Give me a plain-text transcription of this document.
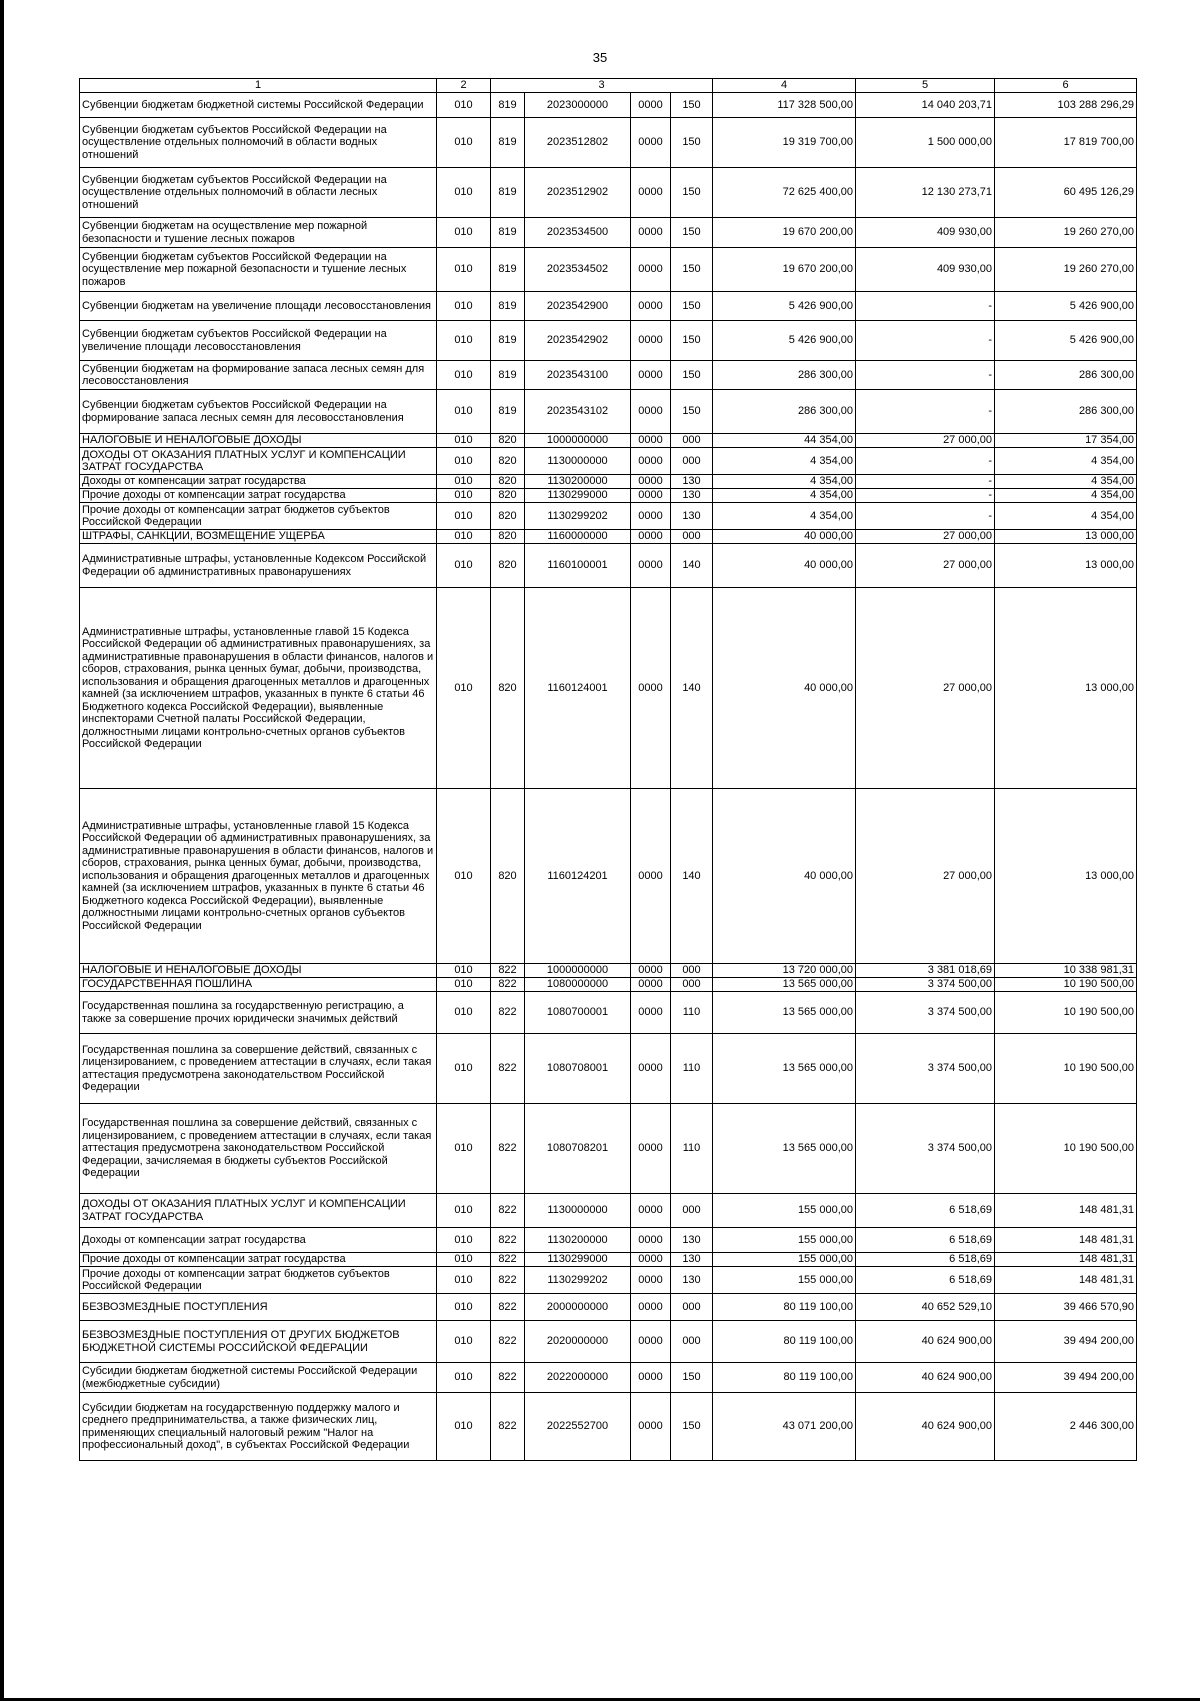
35
1	2	3				4	5	6
Субвенции бюджетам бюджетной системы Российской Федерации	010	819	2023000000	0000	150	117 328 500,00	14 040 203,71	103 288 296,29
Субвенции бюджетам субъектов Российской Федерации на осуществление отдельных полномочий в области водных отношений	010	819	2023512802	0000	150	19 319 700,00	1 500 000,00	17 819 700,00
Субвенции бюджетам субъектов Российской Федерации на осуществление отдельных полномочий в области лесных отношений	010	819	2023512902	0000	150	72 625 400,00	12 130 273,71	60 495 126,29
Субвенции бюджетам на осуществление мер пожарной безопасности и тушение лесных пожаров	010	819	2023534500	0000	150	19 670 200,00	409 930,00	19 260 270,00
Субвенции бюджетам субъектов Российской Федерации на осуществление мер пожарной безопасности и тушение лесных пожаров	010	819	2023534502	0000	150	19 670 200,00	409 930,00	19 260 270,00
Субвенции бюджетам на увеличение площади лесовосстановления	010	819	2023542900	0000	150	5 426 900,00	-	5 426 900,00
Субвенции бюджетам субъектов Российской Федерации на увеличение площади лесовосстановления	010	819	2023542902	0000	150	5 426 900,00	-	5 426 900,00
Субвенции бюджетам на формирование запаса лесных семян для лесовосстановления	010	819	2023543100	0000	150	286 300,00	-	286 300,00
Субвенции бюджетам субъектов Российской Федерации на формирование запаса лесных семян для лесовосстановления	010	819	2023543102	0000	150	286 300,00	-	286 300,00
НАЛОГОВЫЕ И НЕНАЛОГОВЫЕ ДОХОДЫ	010	820	1000000000	0000	000	44 354,00	27 000,00	17 354,00
ДОХОДЫ ОТ ОКАЗАНИЯ ПЛАТНЫХ УСЛУГ И КОМПЕНСАЦИИ ЗАТРАТ ГОСУДАРСТВА	010	820	1130000000	0000	000	4 354,00	-	4 354,00
Доходы от компенсации затрат государства	010	820	1130200000	0000	130	4 354,00	-	4 354,00
Прочие доходы от компенсации затрат государства	010	820	1130299000	0000	130	4 354,00	-	4 354,00
Прочие доходы от компенсации затрат бюджетов субъектов Российской Федерации	010	820	1130299202	0000	130	4 354,00	-	4 354,00
ШТРАФЫ, САНКЦИИ, ВОЗМЕЩЕНИЕ УЩЕРБА	010	820	1160000000	0000	000	40 000,00	27 000,00	13 000,00
Административные штрафы, установленные Кодексом Российской Федерации об административных правонарушениях	010	820	1160100001	0000	140	40 000,00	27 000,00	13 000,00
Административные штрафы, установленные главой 15 Кодекса Российской Федерации об административных правонарушениях, за административные правонарушения в области финансов, налогов и сборов, страхования, рынка ценных бумаг, добычи, производства, использования и обращения драгоценных металлов и драгоценных камней (за исключением штрафов, указанных в пункте 6 статьи 46 Бюджетного кодекса Российской Федерации), выявленные инспекторами Счетной палаты Российской Федерации, должностными лицами контрольно-счетных органов субъектов Российской Федерации	010	820	1160124001	0000	140	40 000,00	27 000,00	13 000,00
Административные штрафы, установленные главой 15 Кодекса Российской Федерации об административных правонарушениях, за административные правонарушения в области финансов, налогов и сборов, страхования, рынка ценных бумаг, добычи, производства, использования и обращения драгоценных металлов и драгоценных камней (за исключением штрафов, указанных в пункте 6 статьи 46 Бюджетного кодекса Российской Федерации), выявленные должностными лицами контрольно-счетных органов субъектов Российской Федерации	010	820	1160124201	0000	140	40 000,00	27 000,00	13 000,00
НАЛОГОВЫЕ И НЕНАЛОГОВЫЕ ДОХОДЫ	010	822	1000000000	0000	000	13 720 000,00	3 381 018,69	10 338 981,31
ГОСУДАРСТВЕННАЯ ПОШЛИНА	010	822	1080000000	0000	000	13 565 000,00	3 374 500,00	10 190 500,00
Государственная пошлина за государственную регистрацию, а также за совершение прочих юридически значимых действий	010	822	1080700001	0000	110	13 565 000,00	3 374 500,00	10 190 500,00
Государственная пошлина за совершение действий, связанных с лицензированием, с проведением аттестации в случаях, если такая аттестация предусмотрена законодательством Российской Федерации	010	822	1080708001	0000	110	13 565 000,00	3 374 500,00	10 190 500,00
Государственная пошлина за совершение действий, связанных с лицензированием, с проведением аттестации в случаях, если такая аттестация предусмотрена законодательством Российской Федерации, зачисляемая в бюджеты субъектов Российской Федерации	010	822	1080708201	0000	110	13 565 000,00	3 374 500,00	10 190 500,00
ДОХОДЫ ОТ ОКАЗАНИЯ ПЛАТНЫХ УСЛУГ И КОМПЕНСАЦИИ ЗАТРАТ ГОСУДАРСТВА	010	822	1130000000	0000	000	155 000,00	6 518,69	148 481,31
Доходы от компенсации затрат государства	010	822	1130200000	0000	130	155 000,00	6 518,69	148 481,31
Прочие доходы от компенсации затрат государства	010	822	1130299000	0000	130	155 000,00	6 518,69	148 481,31
Прочие доходы от компенсации затрат бюджетов субъектов Российской Федерации	010	822	1130299202	0000	130	155 000,00	6 518,69	148 481,31
БЕЗВОЗМЕЗДНЫЕ ПОСТУПЛЕНИЯ	010	822	2000000000	0000	000	80 119 100,00	40 652 529,10	39 466 570,90
БЕЗВОЗМЕЗДНЫЕ ПОСТУПЛЕНИЯ ОТ ДРУГИХ БЮДЖЕТОВ БЮДЖЕТНОЙ СИСТЕМЫ РОССИЙСКОЙ ФЕДЕРАЦИИ	010	822	2020000000	0000	000	80 119 100,00	40 624 900,00	39 494 200,00
Субсидии бюджетам бюджетной системы Российской Федерации (межбюджетные субсидии)	010	822	2022000000	0000	150	80 119 100,00	40 624 900,00	39 494 200,00
Субсидии бюджетам на государственную поддержку малого и среднего предпринимательства, а также физических лиц, применяющих специальный налоговый режим "Налог на профессиональный доход", в субъектах Российской Федерации	010	822	2022552700	0000	150	43 071 200,00	40 624 900,00	2 446 300,00
